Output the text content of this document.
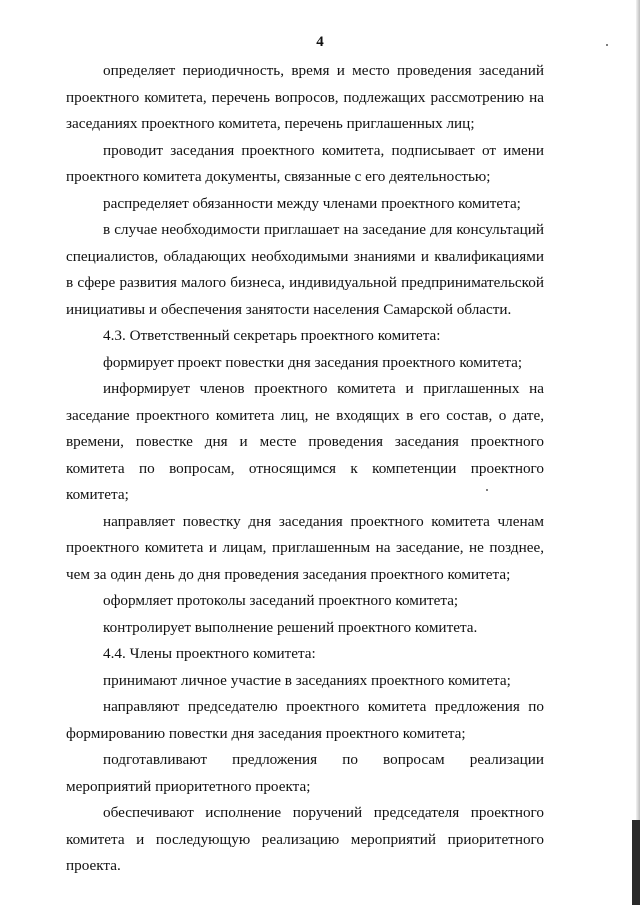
4

определяет периодичность, время и место проведения заседаний проектного комитета, перечень вопросов, подлежащих рассмотрению на заседаниях проектного комитета, перечень приглашенных лиц;

проводит заседания проектного комитета, подписывает от имени проектного комитета документы, связанные с его деятельностью;

распределяет обязанности между членами проектного комитета;

в случае необходимости приглашает на заседание для консультаций специалистов, обладающих необходимыми знаниями и квалификациями в сфере развития малого бизнеса, индивидуальной предпринимательской инициативы и обеспечения занятости населения Самарской области.

4.3. Ответственный секретарь проектного комитета:

формирует проект повестки дня заседания проектного комитета;

информирует членов проектного комитета и приглашенных на заседание проектного комитета лиц, не входящих в его состав, о дате, времени, повестке дня и месте проведения заседания проектного комитета по вопросам, относящимся к компетенции проектного комитета;

направляет повестку дня заседания проектного комитета членам проектного комитета и лицам, приглашенным на заседание, не позднее, чем за один день до дня проведения заседания проектного комитета;

оформляет протоколы заседаний проектного комитета;

контролирует выполнение решений проектного комитета.

4.4. Члены проектного комитета:

принимают личное участие в заседаниях проектного комитета;

направляют председателю проектного комитета предложения по формированию повестки дня заседания проектного комитета;

подготавливают предложения по вопросам реализации мероприятий приоритетного проекта;

обеспечивают исполнение поручений председателя проектного комитета и последующую реализацию мероприятий приоритетного проекта.
